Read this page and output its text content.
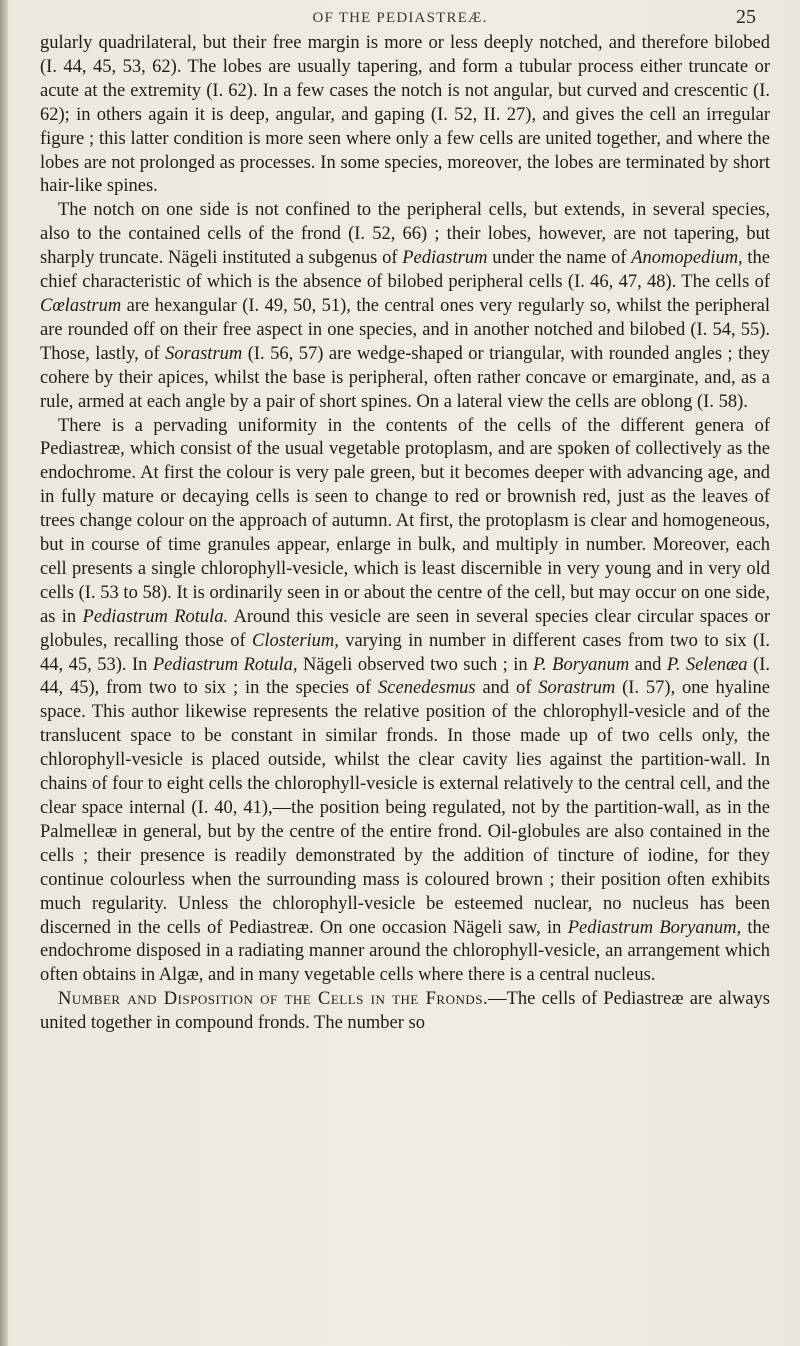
OF THE PEDIASTREÆ.	25

gularly quadrilateral, but their free margin is more or less deeply notched, and therefore bilobed (I. 44, 45, 53, 62). The lobes are usually tapering, and form a tubular process either truncate or acute at the extremity (I. 62). In a few cases the notch is not angular, but curved and crescentic (I. 62); in others again it is deep, angular, and gaping (I. 52, II. 27), and gives the cell an irregular figure ; this latter condition is more seen where only a few cells are united together, and where the lobes are not prolonged as processes. In some species, moreover, the lobes are terminated by short hair-like spines.

The notch on one side is not confined to the peripheral cells, but extends, in several species, also to the contained cells of the frond (I. 52, 66) ; their lobes, however, are not tapering, but sharply truncate. Nägeli instituted a subgenus of Pediastrum under the name of Anomopedium, the chief characteristic of which is the absence of bilobed peripheral cells (I. 46, 47, 48). The cells of Cœlastrum are hexangular (I. 49, 50, 51), the central ones very regularly so, whilst the peripheral are rounded off on their free aspect in one species, and in another notched and bilobed (I. 54, 55). Those, lastly, of Sorastrum (I. 56, 57) are wedge-shaped or triangular, with rounded angles ; they cohere by their apices, whilst the base is peripheral, often rather concave or emarginate, and, as a rule, armed at each angle by a pair of short spines. On a lateral view the cells are oblong (I. 58).

There is a pervading uniformity in the contents of the cells of the different genera of Pediastreæ, which consist of the usual vegetable protoplasm, and are spoken of collectively as the endochrome. At first the colour is very pale green, but it becomes deeper with advancing age, and in fully mature or decaying cells is seen to change to red or brownish red, just as the leaves of trees change colour on the approach of autumn. At first, the protoplasm is clear and homogeneous, but in course of time granules appear, enlarge in bulk, and multiply in number. Moreover, each cell presents a single chlorophyll-vesicle, which is least discernible in very young and in very old cells (I. 53 to 58). It is ordinarily seen in or about the centre of the cell, but may occur on one side, as in Pediastrum Rotula. Around this vesicle are seen in several species clear circular spaces or globules, recalling those of Closterium, varying in number in different cases from two to six (I. 44, 45, 53). In Pediastrum Rotula, Nägeli observed two such ; in P. Boryanum and P. Selenæa (I. 44, 45), from two to six ; in the species of Scenedesmus and of Sorastrum (I. 57), one hyaline space. This author likewise represents the relative position of the chlorophyll-vesicle and of the translucent space to be constant in similar fronds. In those made up of two cells only, the chlorophyll-vesicle is placed outside, whilst the clear cavity lies against the partition-wall. In chains of four to eight cells the chlorophyll-vesicle is external relatively to the central cell, and the clear space internal (I. 40, 41),—the position being regulated, not by the partition-wall, as in the Palmelleæ in general, but by the centre of the entire frond. Oil-globules are also contained in the cells ; their presence is readily demonstrated by the addition of tincture of iodine, for they continue colourless when the surrounding mass is coloured brown ; their position often exhibits much regularity. Unless the chlorophyll-vesicle be esteemed nuclear, no nucleus has been discerned in the cells of Pediastreæ. On one occasion Nägeli saw, in Pediastrum Boryanum, the endochrome disposed in a radiating manner around the chlorophyll-vesicle, an arrangement which often obtains in Algæ, and in many vegetable cells where there is a central nucleus.

Number and Disposition of the Cells in the Fronds.—The cells of Pediastreæ are always united together in compound fronds. The number so
